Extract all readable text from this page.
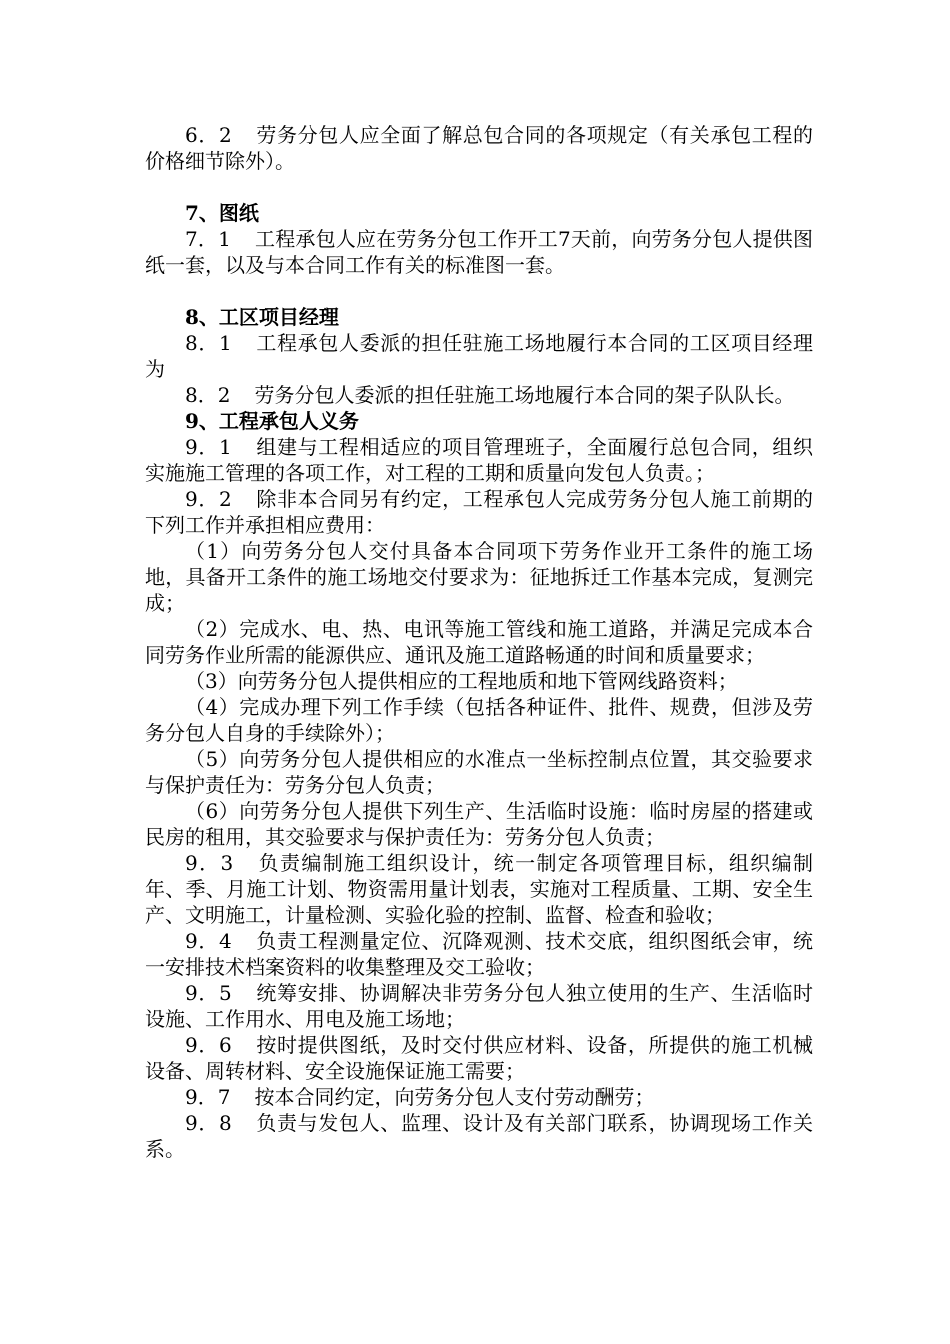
6．2 劳务分包人应全面了解总包合同的各项规定（有关承包工程的价格细节除外）。

7、图纸

7．1 工程承包人应在劳务分包工作开工7天前，向劳务分包人提供图纸一套，以及与本合同工作有关的标准图一套。

8、工区项目经理

8．1 工程承包人委派的担任驻施工场地履行本合同的工区项目经理为

8．2 劳务分包人委派的担任驻施工场地履行本合同的架子队队长。

9、工程承包人义务

9．1 组建与工程相适应的项目管理班子，全面履行总包合同，组织实施施工管理的各项工作，对工程的工期和质量向发包人负责。；

9．2 除非本合同另有约定，工程承包人完成劳务分包人施工前期的下列工作并承担相应费用：

（1）向劳务分包人交付具备本合同项下劳务作业开工条件的施工场地，具备开工条件的施工场地交付要求为：征地拆迁工作基本完成，复测完成；

（2）完成水、电、热、电讯等施工管线和施工道路，并满足完成本合同劳务作业所需的能源供应、通讯及施工道路畅通的时间和质量要求；

（3）向劳务分包人提供相应的工程地质和地下管网线路资料；

（4）完成办理下列工作手续（包括各种证件、批件、规费，但涉及劳务分包人自身的手续除外）；

（5）向劳务分包人提供相应的水准点一坐标控制点位置，其交验要求与保护责任为：劳务分包人负责；

（6）向劳务分包人提供下列生产、生活临时设施：临时房屋的搭建或民房的租用，其交验要求与保护责任为：劳务分包人负责；

9．3 负责编制施工组织设计，统一制定各项管理目标，组织编制年、季、月施工计划、物资需用量计划表，实施对工程质量、工期、安全生产、文明施工，计量检测、实验化验的控制、监督、检查和验收；

9．4 负责工程测量定位、沉降观测、技术交底，组织图纸会审，统一安排技术档案资料的收集整理及交工验收；

9．5 统筹安排、协调解决非劳务分包人独立使用的生产、生活临时设施、工作用水、用电及施工场地；

9．6 按时提供图纸，及时交付供应材料、设备，所提供的施工机械设备、周转材料、安全设施保证施工需要；

9．7 按本合同约定，向劳务分包人支付劳动酬劳；

9．8 负责与发包人、监理、设计及有关部门联系，协调现场工作关系。
